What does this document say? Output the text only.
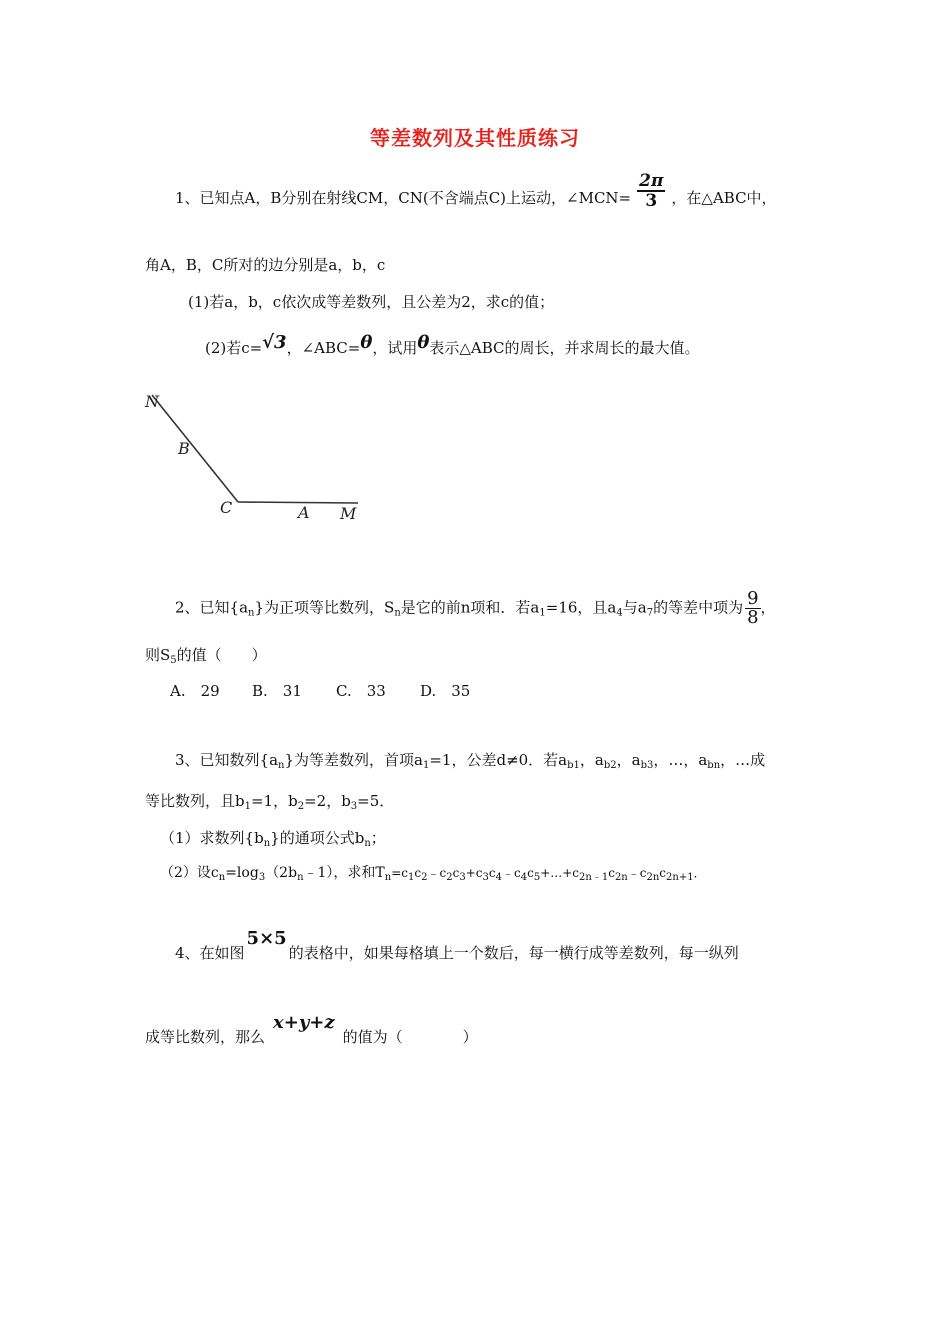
等差数列及其性质练习
1、已知点A，B分别在射线CM，CN(不含端点C)上运动，∠MCN= $\frac{2\pi}{3}$ ，在△ABC中，
角A，B，C所对的边分别是a，b，c
(1)若a，b，c依次成等差数列，且公差为2，求c的值；
(2)若c=√3，∠ABC=θ，试用θ表示△ABC的周长，并求周长的最大值。
N
B
C	A M
2、已知$\{a_n\}$为正项等比数列，$S_n$是它的前n项和．若$a_1=16$，且$a_4$与$a_7$的等差中项为 $\frac{9}{8}$ ，
则$S_5$的值（　　）
A.　29 B.　31 C.　33 D.　35
3、已知数列$\{a_n\}$为等差数列，首项$a_1=1$，公差d≠0．若$a_{b1}$，$a_{b2}$，$a_{b3}$，…，$a_{bn}$，…成
等比数列，且$b_1=1$，$b_2=2$，$b_3=5$．
（1）求数列$\{b_n\}$的通项公式$b_n$；
（2）设$c_n=\log_3(2b_n﹣1)$，求和$T_n=c_1c_2﹣c_2c_3+c_3c_4﹣c_4c_5+\dots+c_{2n﹣1}c_{2n}﹣c_{2n}c_{2n+1}$．
4、在如图5×5的表格中，如果每格填上一个数后，每一横行成等差数列，每一纵列
成等比数列，那么x+y+z的值为（　　　　）
